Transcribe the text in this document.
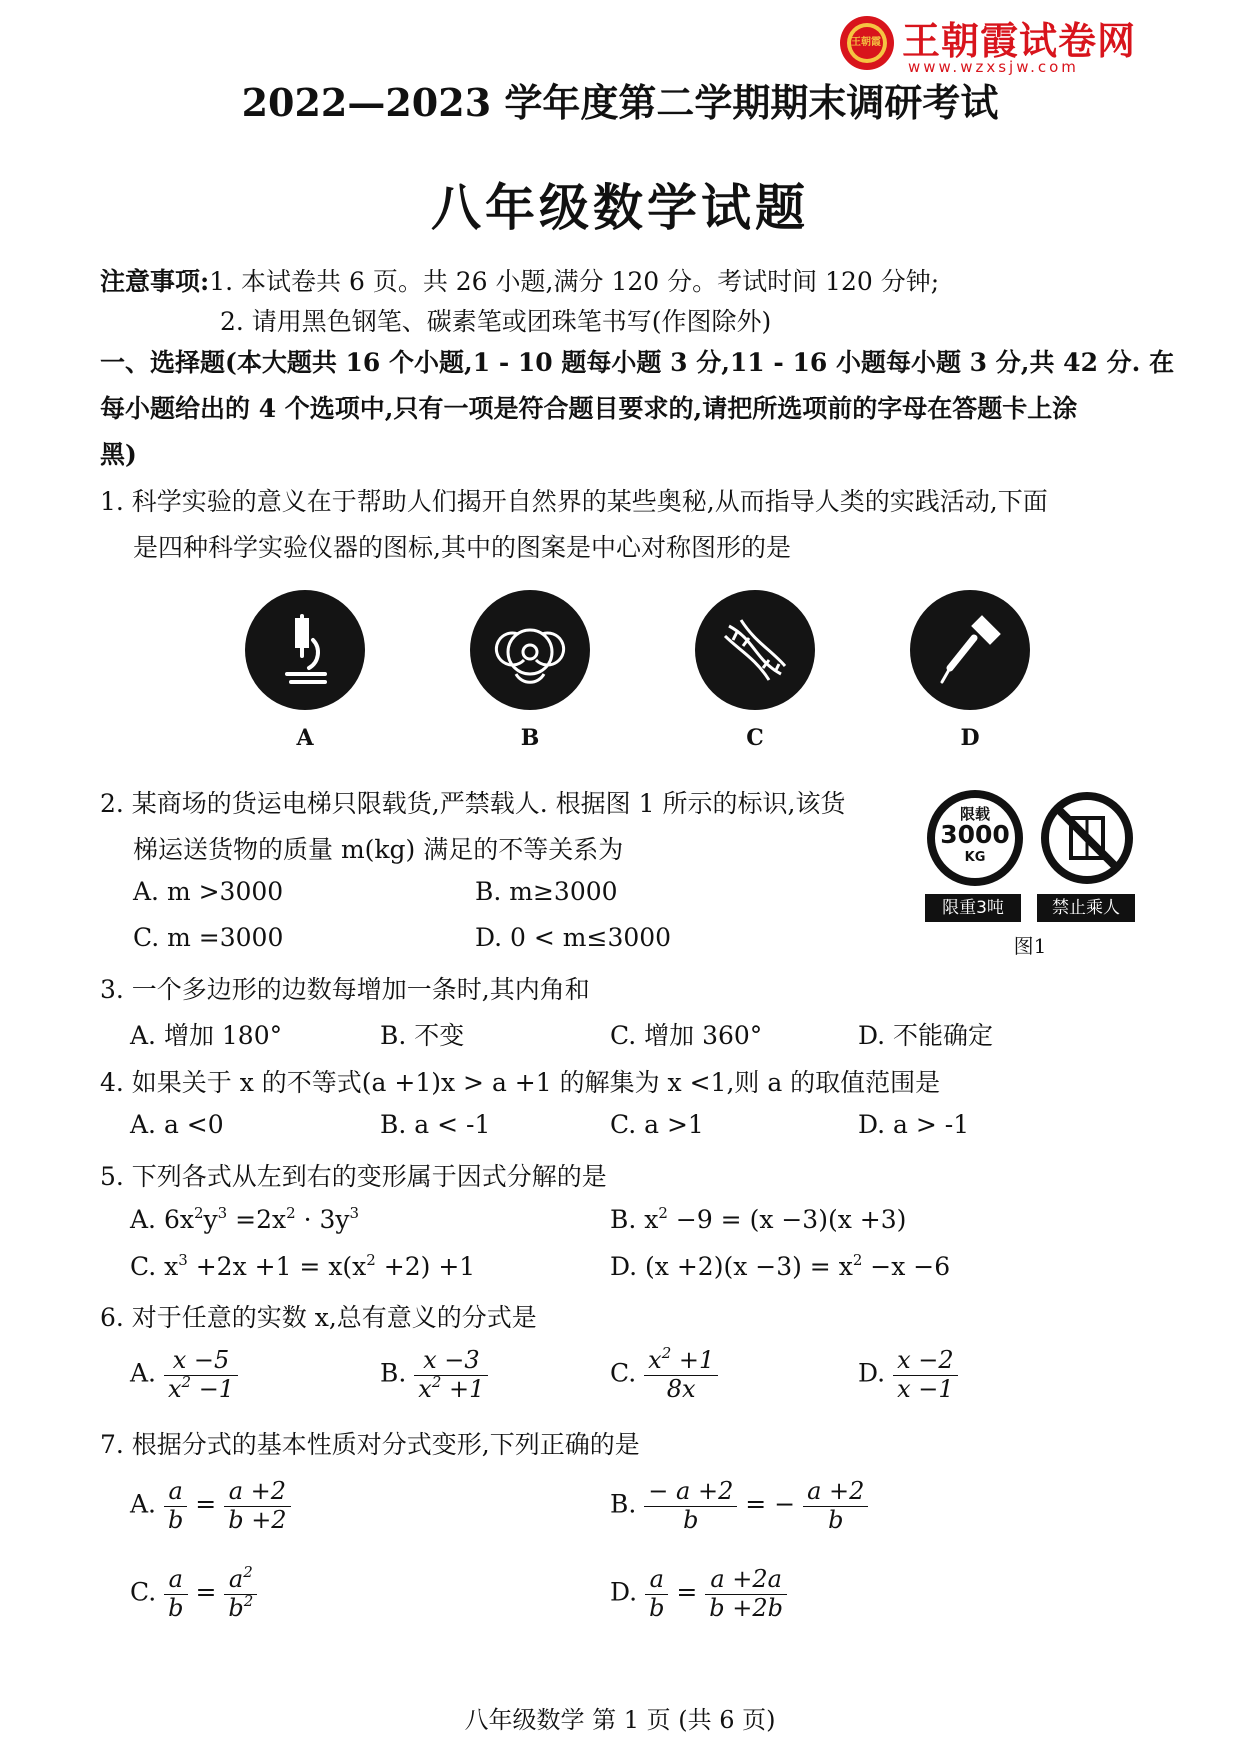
王朝霞 王朝霞试卷网
www.wzxsjw.com
2022—2023 学年度第二学期期末调研考试
八年级数学试题
注意事项:1. 本试卷共 6 页。共 26 小题,满分 120 分。考试时间 120 分钟;
2. 请用黑色钢笔、碳素笔或团珠笔书写(作图除外)
一、选择题(本大题共 16 个小题,1 - 10 题每小题 3 分,11 - 16 小题每小题 3 分,共 42 分. 在
每小题给出的 4 个选项中,只有一项是符合题目要求的,请把所选项前的字母在答题卡上涂
黑)
1. 科学实验的意义在于帮助人们揭开自然界的某些奥秘,从而指导人类的实践活动,下面
是四种科学实验仪器的图标,其中的图案是中心对称图形的是
A	B	C	D
2. 某商场的货运电梯只限载货,严禁载人. 根据图 1 所示的标识,该货
梯运送货物的质量 m(kg) 满足的不等关系为
A. m >3000	B. m≥3000
C. m =3000	D. 0 < m≤3000
限载
3000
KG
限重3吨	禁止乘人
图1
3. 一个多边形的边数每增加一条时,其内角和
A. 增加 180°	B. 不变	C. 增加 360°	D. 不能确定
4. 如果关于 x 的不等式(a +1)x > a +1 的解集为 x <1,则 a 的取值范围是
A. a <0	B. a < -1	C. a >1	D. a > -1
5. 下列各式从左到右的变形属于因式分解的是
A. $6x^2y^3 =2x^2 \cdot 3y^3$	B. $x^2 -9 = (x -3)(x +3)$
C. $x^3 +2x +1 = x(x^2 +2) +1$	D. $(x +2)(x -3) = x^2 -x -6$
6. 对于任意的实数 x,总有意义的分式是
A. $\frac{x -5}{x^2 -1}$	B. $\frac{x -3}{x^2 +1}$	C. $\frac{x^2 +1}{8x}$	D. $\frac{x -2}{x -1}$
7. 根据分式的基本性质对分式变形,下列正确的是
A. $\frac{a}{b} = \frac{a +2}{b +2}$	B. $\frac{- a +2}{b}$ = − $\frac{a +2}{b}$
C. $\frac{a}{b} = \frac{a^2}{b^2}$	D. $\frac{a}{b} = \frac{a +2a}{b +2b}$
八年级数学 第 1 页 (共 6 页)
